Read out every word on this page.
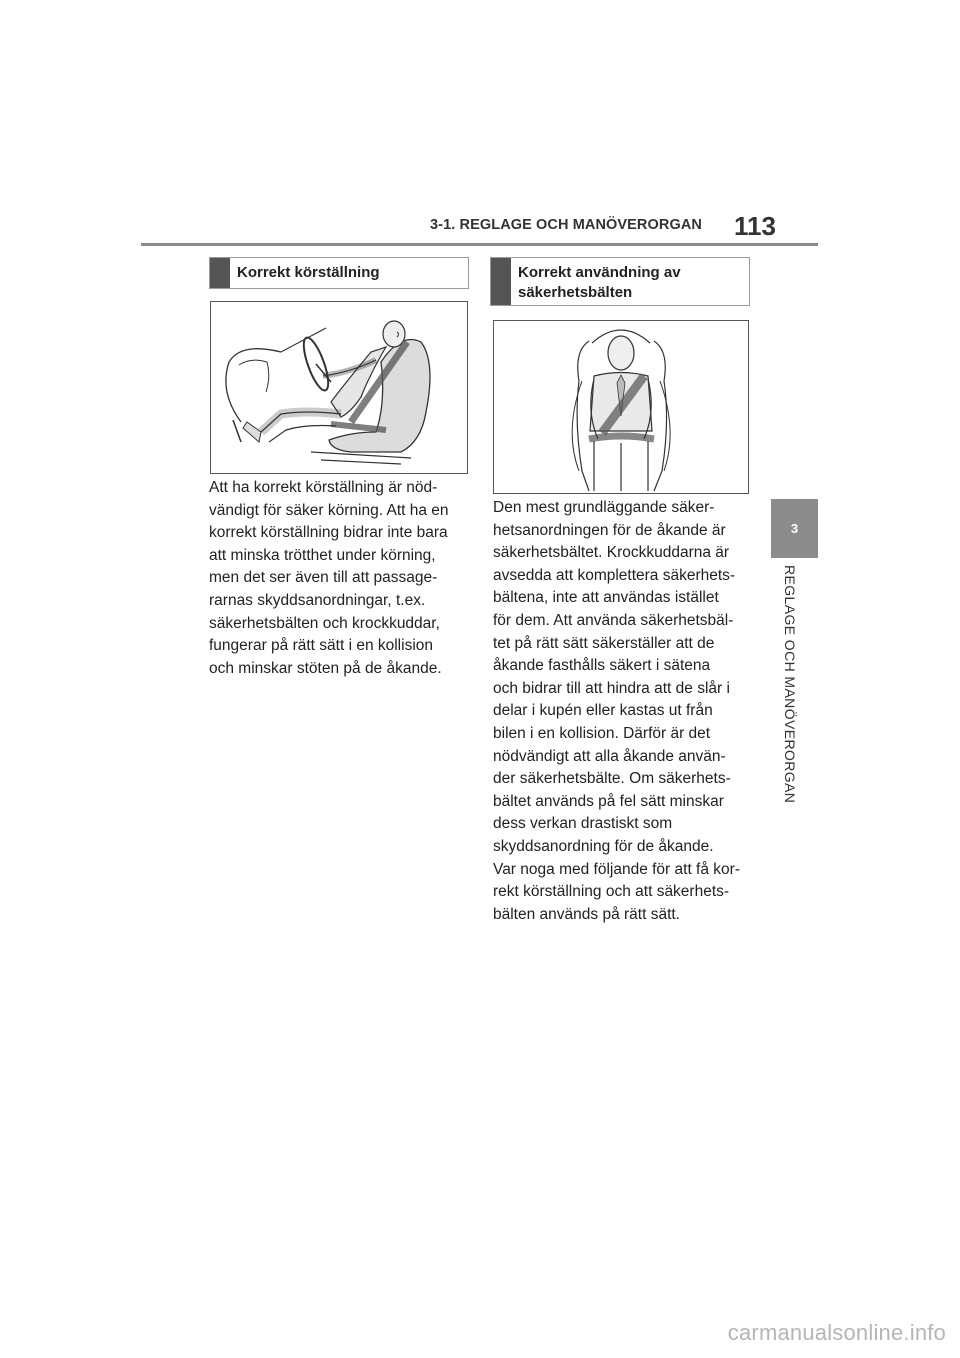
3-1. REGLAGE OCH MANÖVERORGAN 113
Korrekt körställning

Att ha korrekt körställning är nöd-
vändigt för säker körning. Att ha en
korrekt körställning bidrar inte bara
att minska trötthet under körning,
men det ser även till att passage-
rarnas skyddsanordningar, t.ex.
säkerhetsbälten och krockkuddar,
fungerar på rätt sätt i en kollision
och minskar stöten på de åkande.

Korrekt användning av
säkerhetsbälten

Den mest grundläggande säker-
hetsanordningen för de åkande är
säkerhetsbältet. Krockkuddarna är
avsedda att komplettera säkerhets-
bältena, inte att användas istället
för dem. Att använda säkerhetsbäl-
tet på rätt sätt säkerställer att de
åkande fasthålls säkert i sätena
och bidrar till att hindra att de slår i
delar i kupén eller kastas ut från
bilen i en kollision. Därför är det
nödvändigt att alla åkande använ-
der säkerhetsbälte. Om säkerhets-
bältet används på fel sätt minskar
dess verkan drastiskt som
skyddsanordning för de åkande.
Var noga med följande för att få kor-
rekt körställning och att säkerhets-
bälten används på rätt sätt.

3
REGLAGE OCH MANÖVERORGAN
carmanualsonline.info
